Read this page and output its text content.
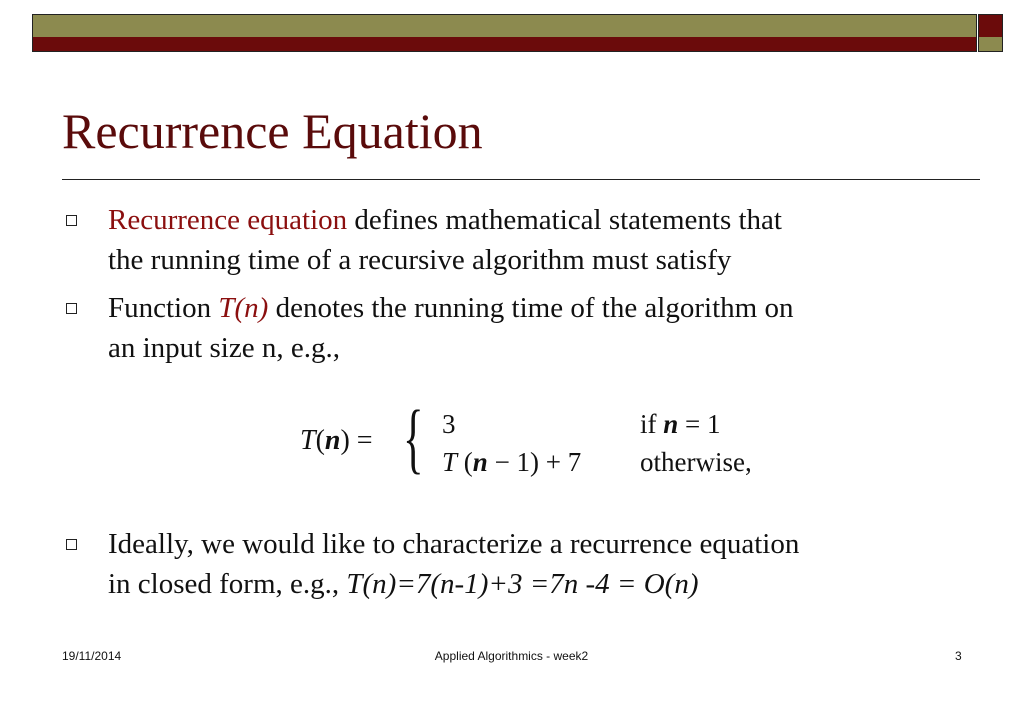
Recurrence Equation
Recurrence equation defines mathematical statements that
the running time of a recursive algorithm must satisfy
Function T(n) denotes the running time of the algorithm on
an input size n, e.g.,
T(n) = { 3	if n = 1
T (n − 1) + 7 otherwise,
Ideally, we would like to characterize a recurrence equation
in closed form, e.g., T(n)=7(n-1)+3 =7n -4 = O(n)
19/11/2014	Applied Algorithmics - week2	3
